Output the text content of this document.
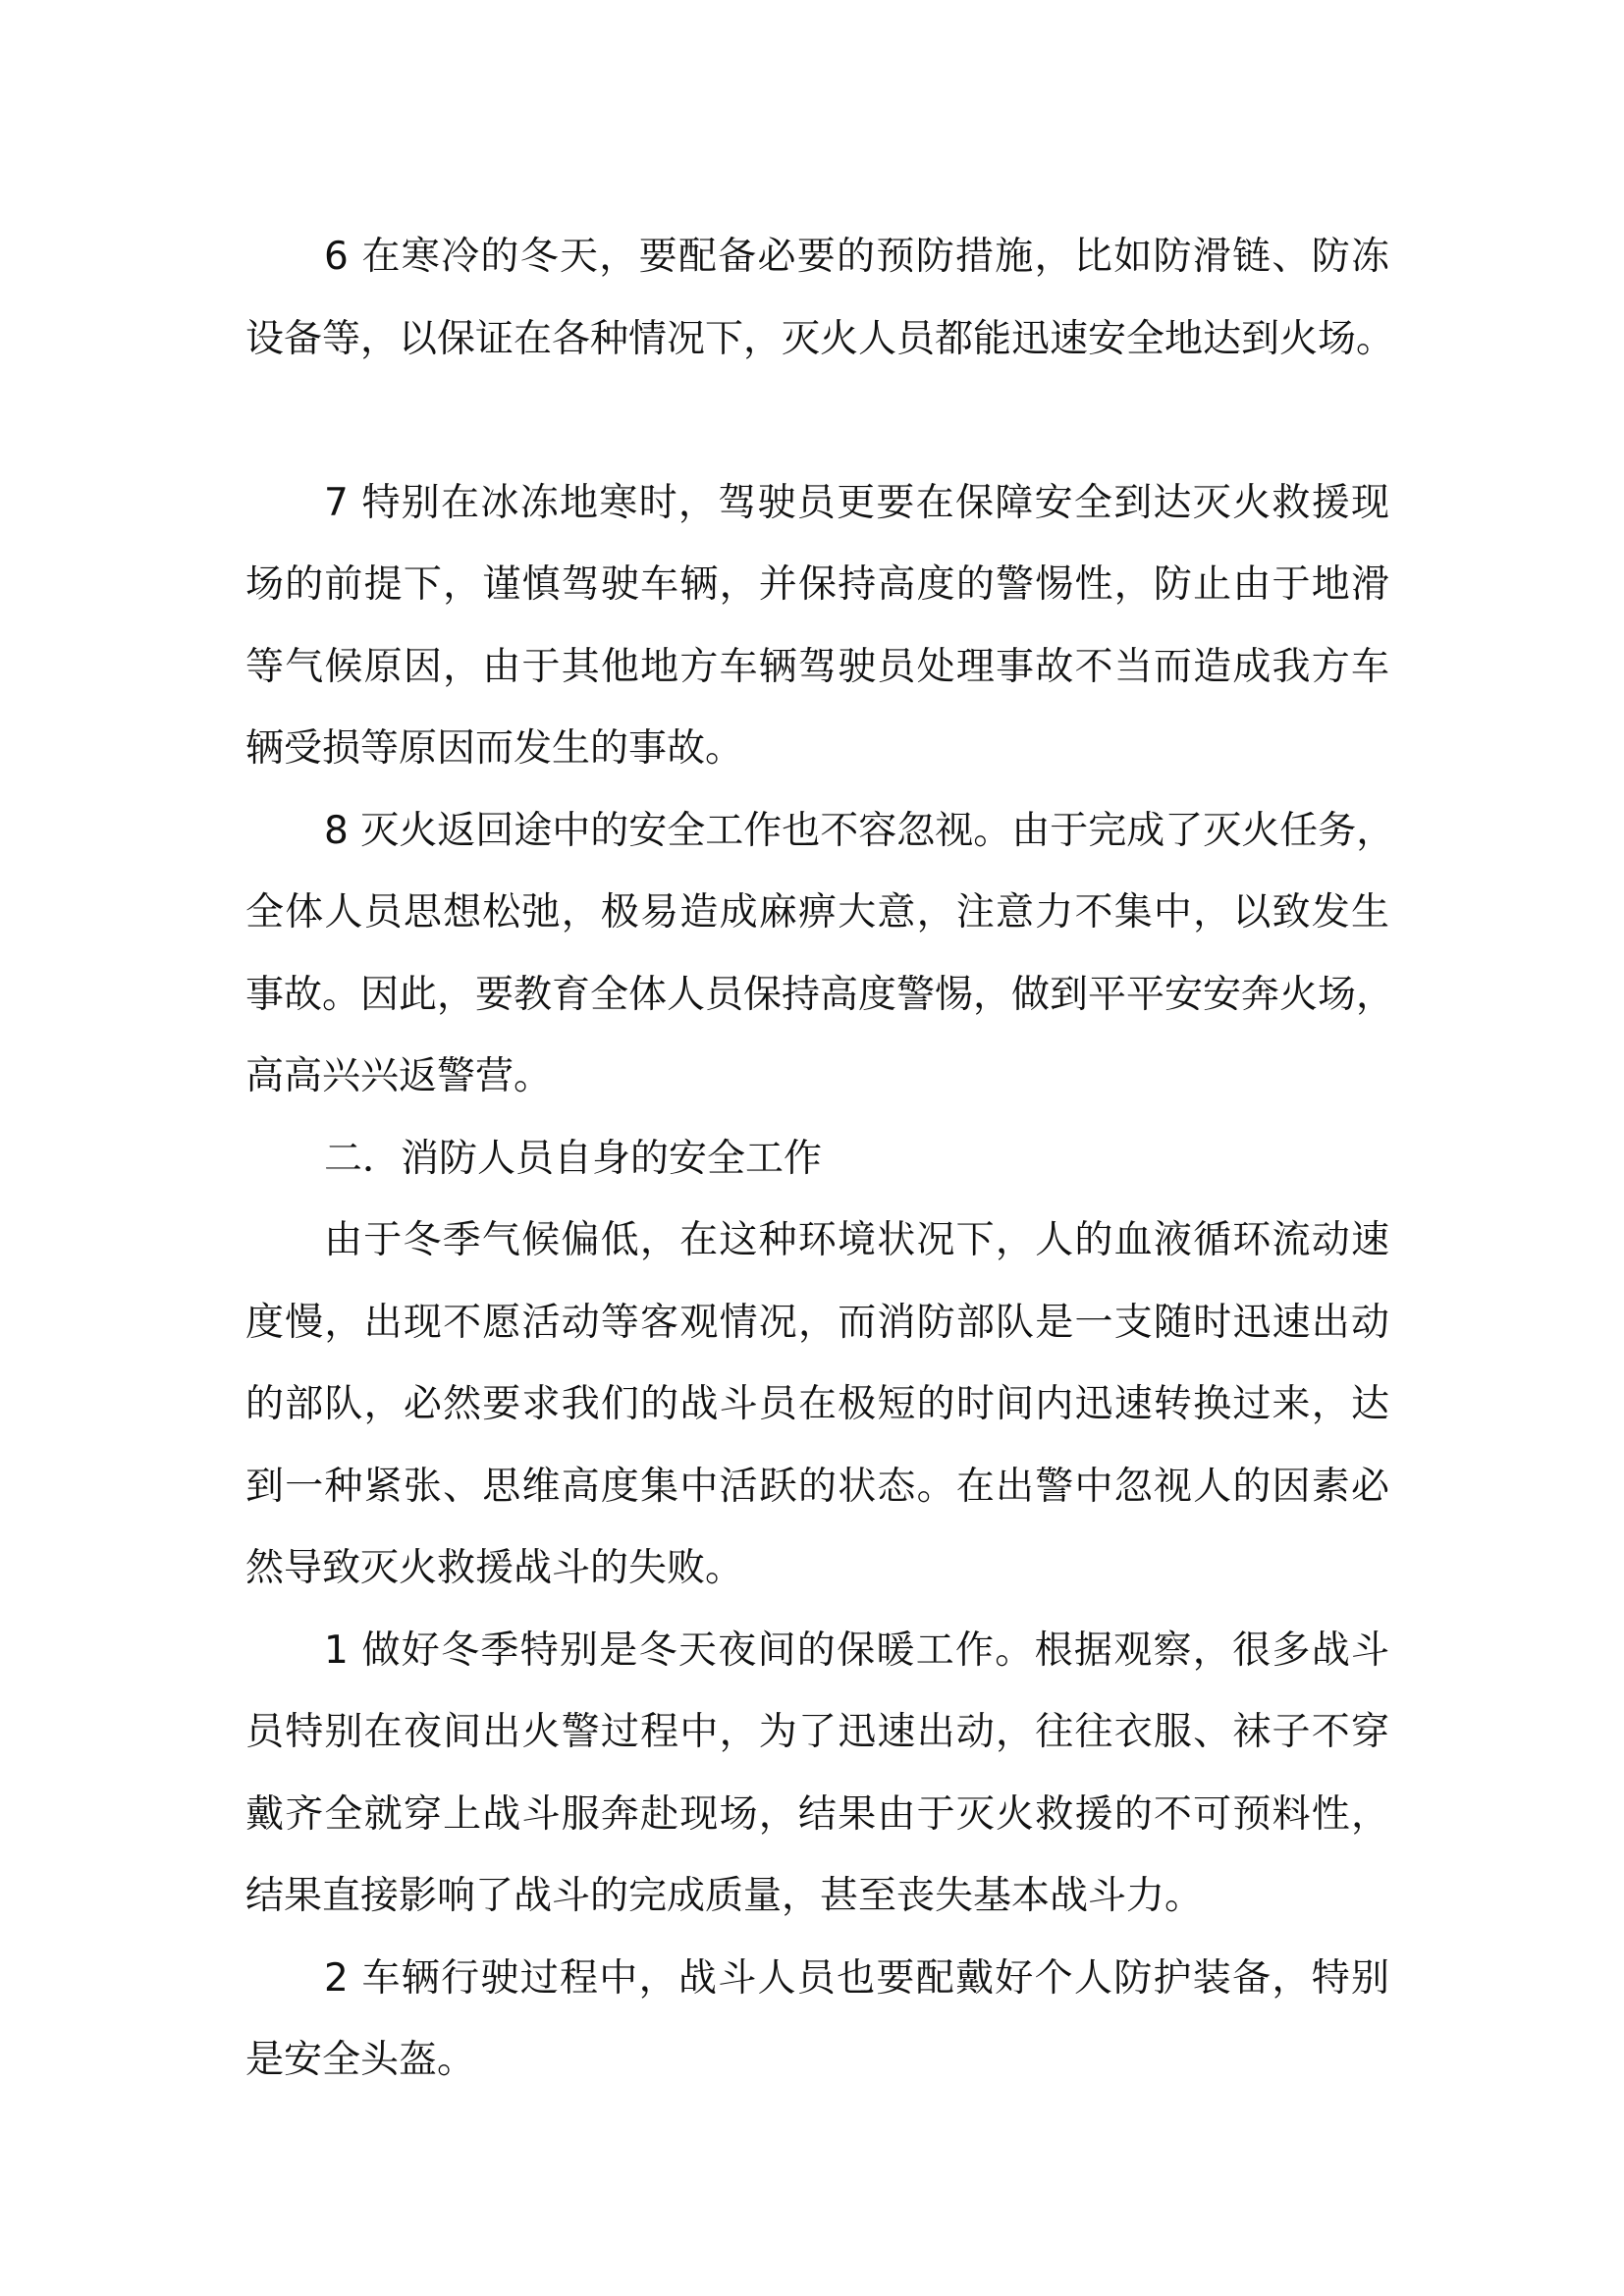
6 在寒冷的冬天，要配备必要的预防措施，比如防滑链、防冻
设备等，以保证在各种情况下，灭火人员都能迅速安全地达到火场。
7 特别在冰冻地寒时，驾驶员更要在保障安全到达灭火救援现
场的前提下，谨慎驾驶车辆，并保持高度的警惕性，防止由于地滑
等气候原因，由于其他地方车辆驾驶员处理事故不当而造成我方车
辆受损等原因而发生的事故。
8 灭火返回途中的安全工作也不容忽视。由于完成了灭火任务，
全体人员思想松弛，极易造成麻痹大意，注意力不集中，以致发生
事故。因此，要教育全体人员保持高度警惕，做到平平安安奔火场，
高高兴兴返警营。
二．消防人员自身的安全工作
由于冬季气候偏低，在这种环境状况下，人的血液循环流动速
度慢，出现不愿活动等客观情况，而消防部队是一支随时迅速出动
的部队，必然要求我们的战斗员在极短的时间内迅速转换过来，达
到一种紧张、思维高度集中活跃的状态。在出警中忽视人的因素必
然导致灭火救援战斗的失败。
1 做好冬季特别是冬天夜间的保暖工作。根据观察，很多战斗
员特别在夜间出火警过程中，为了迅速出动，往往衣服、袜子不穿
戴齐全就穿上战斗服奔赴现场，结果由于灭火救援的不可预料性，
结果直接影响了战斗的完成质量，甚至丧失基本战斗力。
2 车辆行驶过程中，战斗人员也要配戴好个人防护装备，特别
是安全头盔。
